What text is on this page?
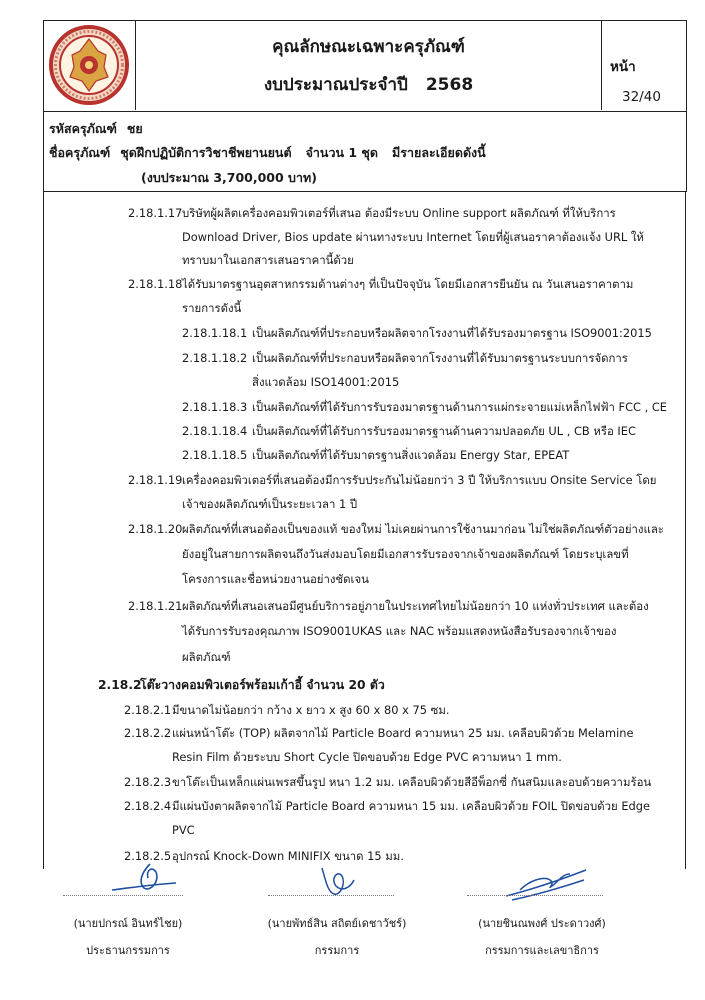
คุณลักษณะเฉพาะครุภัณฑ์
งบประมาณประจำปี 2568
หน้า
32/40
รหัสครุภัณฑ์ ชย
ชื่อครุภัณฑ์ ชุดฝึกปฏิบัติการวิชาชีพยานยนต์ จำนวน 1 ชุด มีรายละเอียดดังนี้
(งบประมาณ 3,700,000 บาท)
2.18.1.17บริษัทผู้ผลิตเครื่องคอมพิวเตอร์ที่เสนอ ต้องมีระบบ Online support ผลิตภัณฑ์ ที่ให้บริการ
Download Driver, Bios update ผ่านทางระบบ Internet โดยที่ผู้เสนอราคาต้องแจ้ง URL ให้
ทราบมาในเอกสารเสนอราคานี้ด้วย
2.18.1.18ได้รับมาตรฐานอุตสาหกรรมด้านต่างๆ ที่เป็นปัจจุบัน โดยมีเอกสารยืนยัน ณ วันเสนอราคาตาม
รายการดังนี้
2.18.1.18.1 เป็นผลิตภัณฑ์ที่ประกอบหรือผลิตจากโรงงานที่ได้รับรองมาตรฐาน ISO9001:2015
2.18.1.18.2 เป็นผลิตภัณฑ์ที่ประกอบหรือผลิตจากโรงงานที่ได้รับมาตรฐานระบบการจัดการ
สิ่งแวดล้อม ISO14001:2015
2.18.1.18.3 เป็นผลิตภัณฑ์ที่ได้รับการรับรองมาตรฐานด้านการแผ่กระจายแม่เหล็กไฟฟ้า FCC , CE
2.18.1.18.4 เป็นผลิตภัณฑ์ที่ได้รับการรับรองมาตรฐานด้านความปลอดภัย UL , CB หรือ IEC
2.18.1.18.5 เป็นผลิตภัณฑ์ที่ได้รับมาตรฐานสิ่งแวดล้อม Energy Star, EPEAT
2.18.1.19เครื่องคอมพิวเตอร์ที่เสนอต้องมีการรับประกันไม่น้อยกว่า 3 ปี ให้บริการแบบ Onsite Service โดย
เจ้าของผลิตภัณฑ์เป็นระยะเวลา 1 ปี
2.18.1.20ผลิตภัณฑ์ที่เสนอต้องเป็นของแท้ ของใหม่ ไม่เคยผ่านการใช้งานมาก่อน ไม่ใช่ผลิตภัณฑ์ตัวอย่างและ
ยังอยู่ในสายการผลิตจนถึงวันส่งมอบโดยมีเอกสารรับรองจากเจ้าของผลิตภัณฑ์ โดยระบุเลขที่
โครงการและชื่อหน่วยงานอย่างชัดเจน
2.18.1.21ผลิตภัณฑ์ที่เสนอเสนอมีศูนย์บริการอยู่ภายในประเทศไทยไม่น้อยกว่า 10 แห่งทั่วประเทศ และต้อง
ได้รับการรับรองคุณภาพ ISO9001UKAS และ NAC พร้อมแสดงหนังสือรับรองจากเจ้าของ
ผลิตภัณฑ์
2.18.2โต๊ะวางคอมพิวเตอร์พร้อมเก้าอี้ จำนวน 20 ตัว
2.18.2.1มีขนาดไม่น้อยกว่า กว้าง x ยาว x สูง 60 x 80 x 75 ซม.
2.18.2.2แผ่นหน้าโต๊ะ (TOP) ผลิตจากไม้ Particle Board ความหนา 25 มม. เคลือบผิวด้วย Melamine
Resin Film ด้วยระบบ Short Cycle ปิดขอบด้วย Edge PVC ความหนา 1 mm.
2.18.2.3ขาโต๊ะเป็นเหล็กแผ่นเพรสขึ้นรูป หนา 1.2 มม. เคลือบผิวด้วยสีอีพ็อกซี่ กันสนิมและอบด้วยความร้อน
2.18.2.4มีแผ่นบังตาผลิตจากไม้ Particle Board ความหนา 15 มม. เคลือบผิวด้วย FOIL ปิดขอบด้วย Edge
PVC
2.18.2.5อุปกรณ์ Knock-Down MINIFIX ขนาด 15 มม.
(นายปกรณ์ อินทร์ไชย)
ประธานกรรมการ
(นายพัทธ์สิน สถิตย์เดชาวัชร์)
กรรมการ
(นายชินณพงศ์ ประดาวงศ์)
กรรมการและเลขาธิการ
